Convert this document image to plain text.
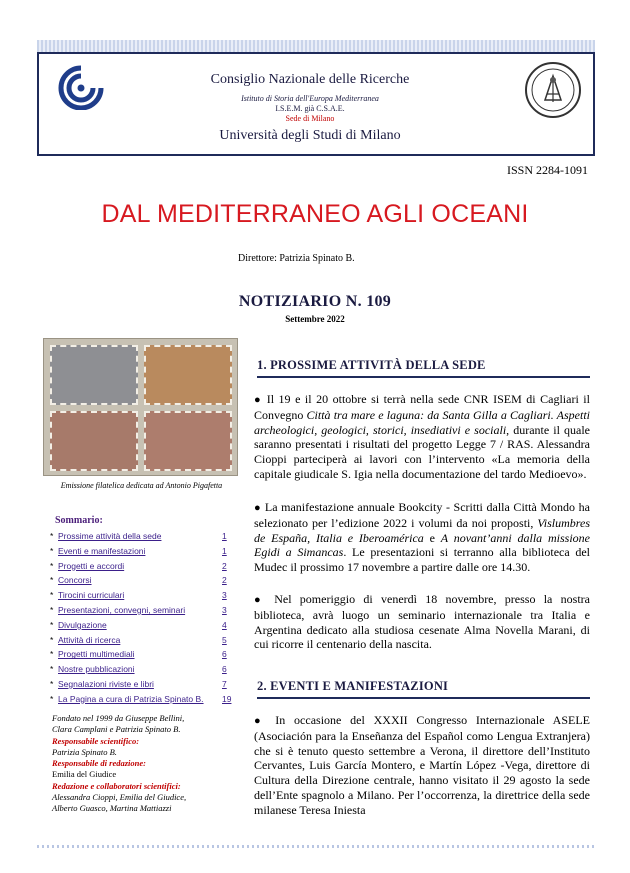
Consiglio Nazionale delle Ricerche
Istituto di Storia dell'Europa Mediterranea
I.S.E.M. già C.S.A.E.
Sede di Milano
Università degli Studi di Milano
ISSN 2284-1091
DAL MEDITERRANEO AGLI OCEANI
Direttore: Patrizia Spinato B.
NOTIZIARIO N. 109
Settembre 2022
Emissione filatelica dedicata ad Antonio Pigafetta
Sommario:
* Prossime attività della sede	1
* Eventi e manifestazioni	1
* Progetti e accordi	2
* Concorsi	2
* Tirocini curriculari	3
* Presentazioni, convegni, seminari	3
* Divulgazione	4
* Attività di ricerca	5
* Progetti multimediali	6
* Nostre pubblicazioni	6
* Segnalazioni riviste e libri	7
* La Pagina a cura di Patrizia Spinato B. 19
Fondato nel 1999 da Giuseppe Bellini,
Clara Camplani e Patrizia Spinato B.
Responsabile scientifico:
Patrizia Spinato B.
Responsabile di redazione:
Emilia del Giudice
Redazione e collaboratori scientifici:
Alessandra Cioppi, Emilia del Giudice,
Alberto Guasco, Martina Mattiazzi
1. PROSSIME ATTIVITÀ DELLA SEDE
● Il 19 e il 20 ottobre si terrà nella sede CNR ISEM di Cagliari il Convegno Città tra mare e laguna: da Santa Gilla a Cagliari. Aspetti archeologici, geologici, storici, insediativi e sociali, durante il quale saranno presentati i risultati del progetto Legge 7 / RAS. Alessandra Cioppi parteciperà ai lavori con l’intervento «La memoria della capitale giudicale S. Igia nella documentazione del tardo Medioevo».
● La manifestazione annuale Bookcity - Scritti dalla Città Mondo ha selezionato per l’edizione 2022 i volumi da noi proposti, Vislumbres de España, Italia e Iberoamérica e A novant’anni dalla missione Egidi a Simancas. Le presentazioni si terranno alla biblioteca del Mudec il prossimo 17 novembre a partire dalle ore 14.30.
● Nel pomeriggio di venerdì 18 novembre, presso la nostra biblioteca, avrà luogo un seminario internazionale tra Italia e Argentina dedicato alla studiosa cesenate Alma Novella Marani, di cui ricorre il centenario della nascita.
2. EVENTI E MANIFESTAZIONI
● In occasione del XXXII Congresso Internazionale ASELE (Asociación para la Enseñanza del Español como Lengua Extranjera) che si è tenuto questo settembre a Verona, il direttore dell’Instituto Cervantes, Luis García Montero, e Martín López -Vega, direttore di Cultura della Direzione centrale, hanno visitato il 29 agosto la sede dell’Ente spagnolo a Milano. Per l’occorrenza, la direttrice della sede milanese Teresa Iniesta
